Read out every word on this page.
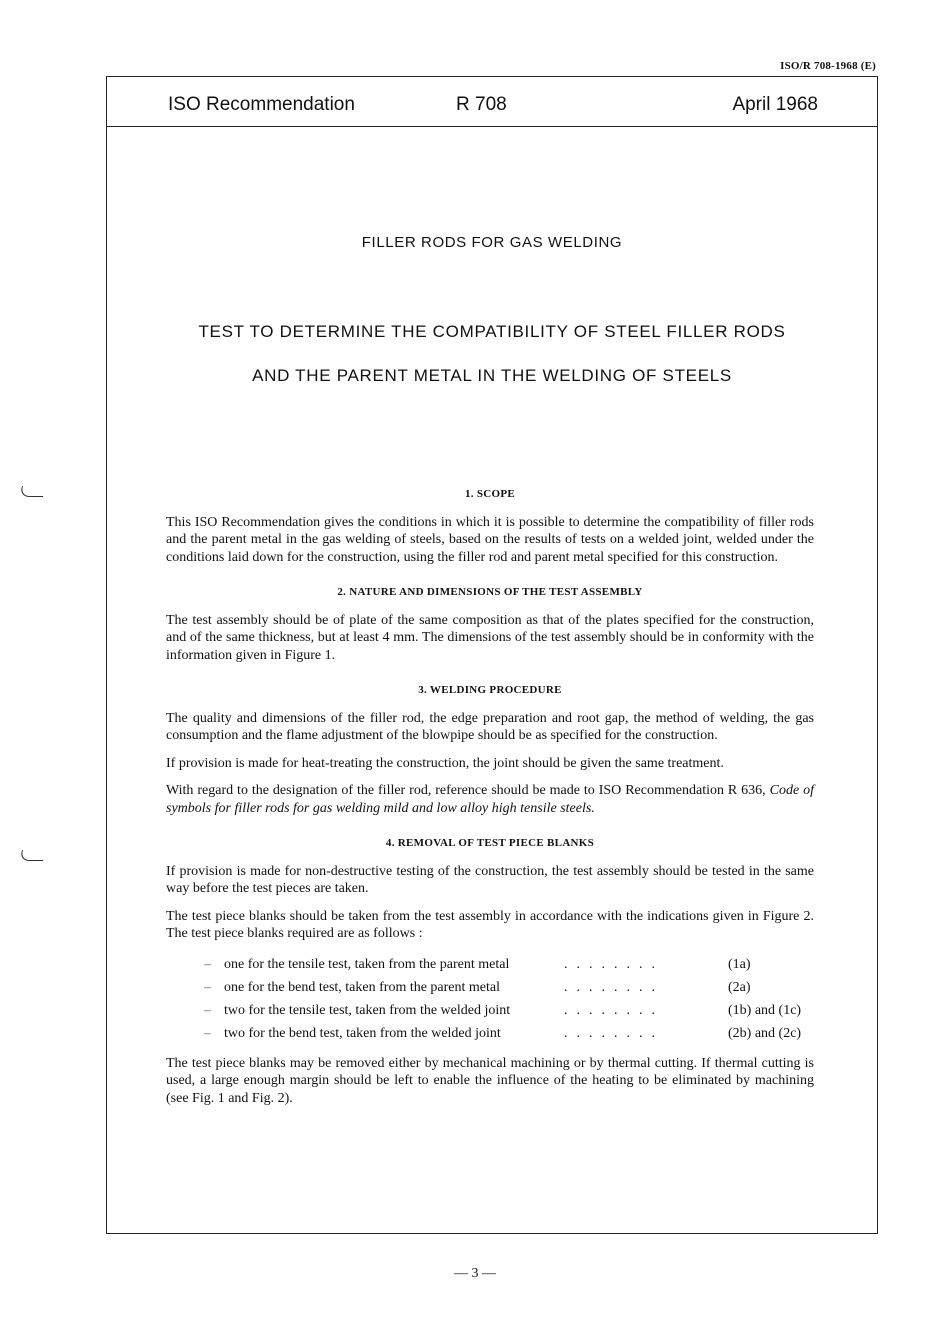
ISO/R 708-1968 (E)
ISO Recommendation	R 708	April 1968
FILLER RODS FOR GAS WELDING
TEST TO DETERMINE THE COMPATIBILITY OF STEEL FILLER RODS
AND THE PARENT METAL IN THE WELDING OF STEELS
1. SCOPE

This ISO Recommendation gives the conditions in which it is possible to determine the compatibility of filler rods and the parent metal in the gas welding of steels, based on the results of tests on a welded joint, welded under the conditions laid down for the construction, using the filler rod and parent metal specified for this construction.

2. NATURE AND DIMENSIONS OF THE TEST ASSEMBLY

The test assembly should be of plate of the same composition as that of the plates specified for the construction, and of the same thickness, but at least 4 mm. The dimensions of the test assembly should be in conformity with the information given in Figure 1.

3. WELDING PROCEDURE

The quality and dimensions of the filler rod, the edge preparation and root gap, the method of welding, the gas consumption and the flame adjustment of the blowpipe should be as specified for the construction.

If provision is made for heat-treating the construction, the joint should be given the same treatment.

With regard to the designation of the filler rod, reference should be made to ISO Recommendation R 636, Code of symbols for filler rods for gas welding mild and low alloy high tensile steels.

4. REMOVAL OF TEST PIECE BLANKS

If provision is made for non-destructive testing of the construction, the test assembly should be tested in the same way before the test pieces are taken.

The test piece blanks should be taken from the test assembly in accordance with the indications given in Figure 2. The test piece blanks required are as follows :

– one for the tensile test, taken from the parent metal	........	(1a)
– one for the bend test, taken from the parent metal	........	(2a)
– two for the tensile test, taken from the welded joint	........	(1b) and (1c)
– two for the bend test, taken from the welded joint	........	(2b) and (2c)

The test piece blanks may be removed either by mechanical machining or by thermal cutting. If thermal cutting is used, a large enough margin should be left to enable the influence of the heating to be eliminated by machining (see Fig. 1 and Fig. 2).

— 3 —
